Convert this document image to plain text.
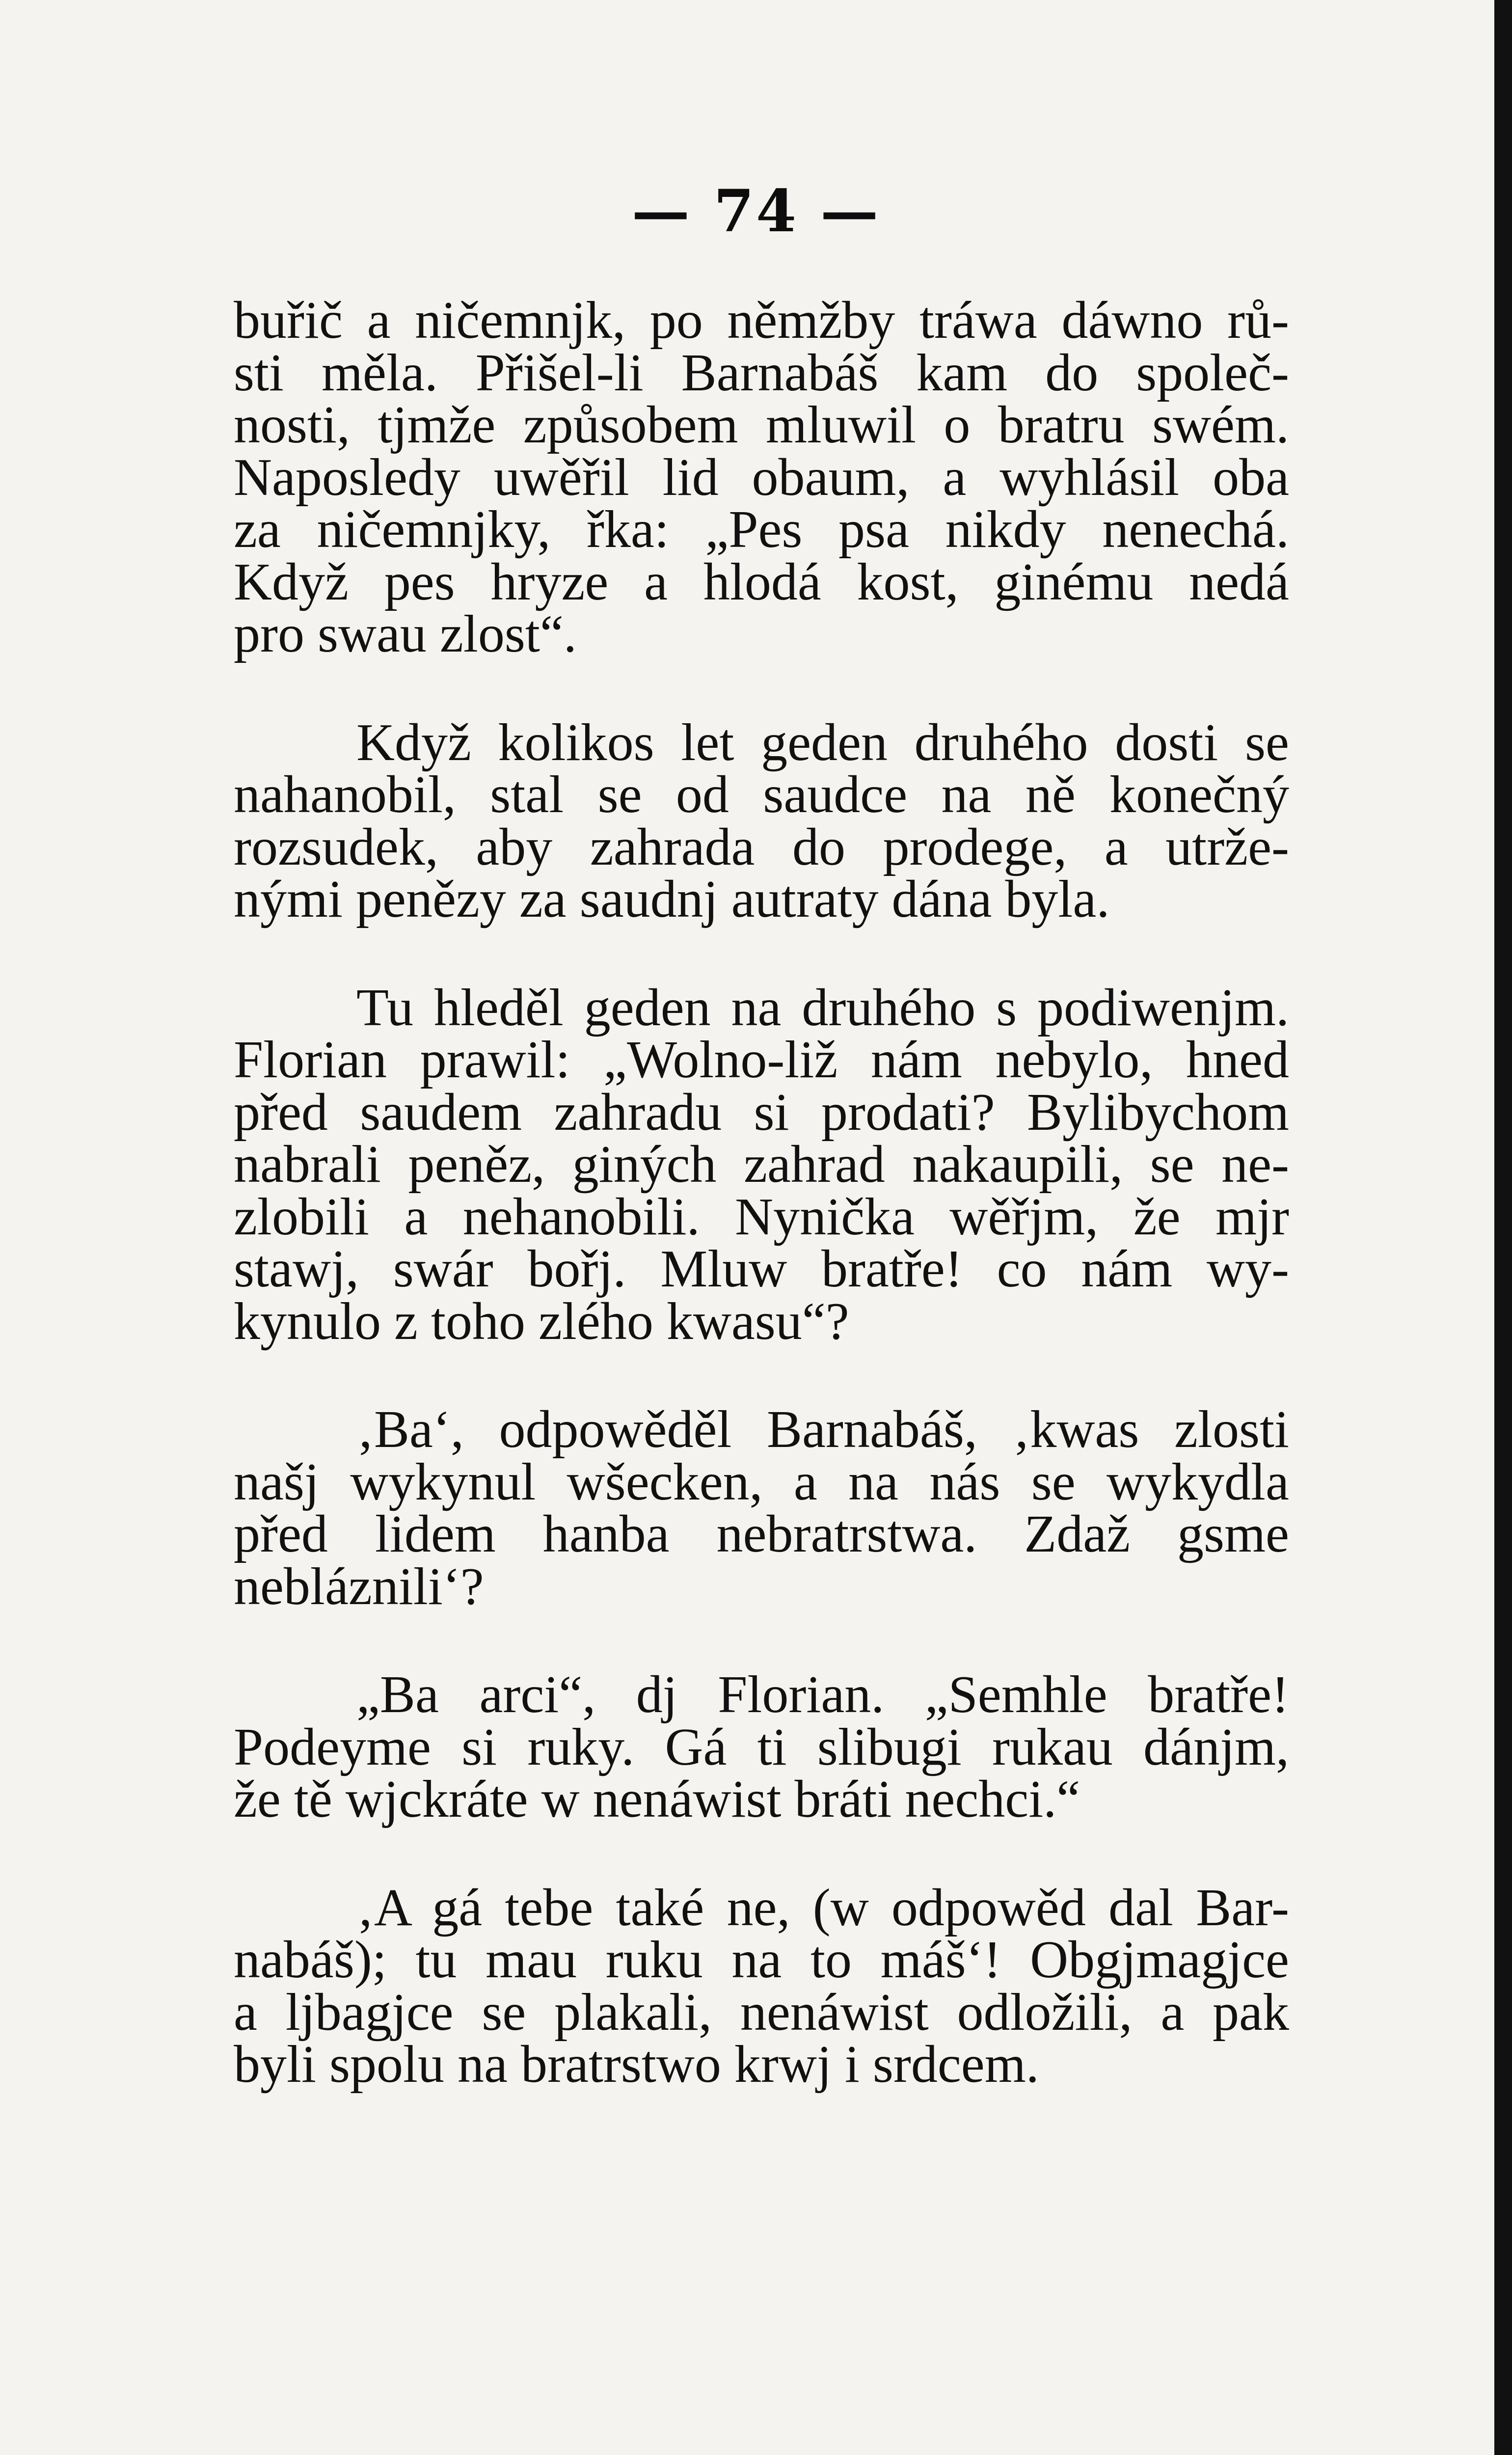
— 74 —

buřič a ničemnjk, po němžby tráwa dáwno rů-
sti měla. Přišel-li Barnabáš kam do společ-
nosti, tjmže způsobem mluwil o bratru swém.
Naposledy uwěřil lid obaum, a wyhlásil oba
za ničemnjky, řka: „Pes psa nikdy nenechá.
Když pes hryze a hlodá kost, ginému nedá
pro swau zlost“.

Když kolikos let geden druhého dosti se
nahanobil, stal se od saudce na ně konečný
rozsudek, aby zahrada do prodege, a utrže-
nými penězy za saudnj autraty dána byla.

Tu hleděl geden na druhého s podiwenjm.
Florian prawil: „Wolno-liž nám nebylo, hned
před saudem zahradu si prodati? Bylibychom
nabrali peněz, giných zahrad nakaupili, se ne-
zlobili a nehanobili. Nynička wěřjm, že mjr
stawj, swár bořj. Mluw bratře! co nám wy-
kynulo z toho zlého kwasu“?

‚Ba‘, odpowěděl Barnabáš, ‚kwas zlosti
našj wykynul wšecken, a na nás se wykydla
před lidem hanba nebratrstwa. Zdaž gsme
neblázniliʻ?

„Ba arci“, dj Florian. „Semhle bratře!
Podeyme si ruky. Gá ti slibugi rukau dánjm,
že tě wjckráte w nenáwist bráti nechci.“

‚A gá tebe také ne, (w odpowěd dal Bar-
nabáš); tu mau ruku na to máš‘! Obgjmagjce
a ljbagjce se plakali, nenáwist odložili, a pak
byli spolu na bratrstwo krwj i srdcem.
